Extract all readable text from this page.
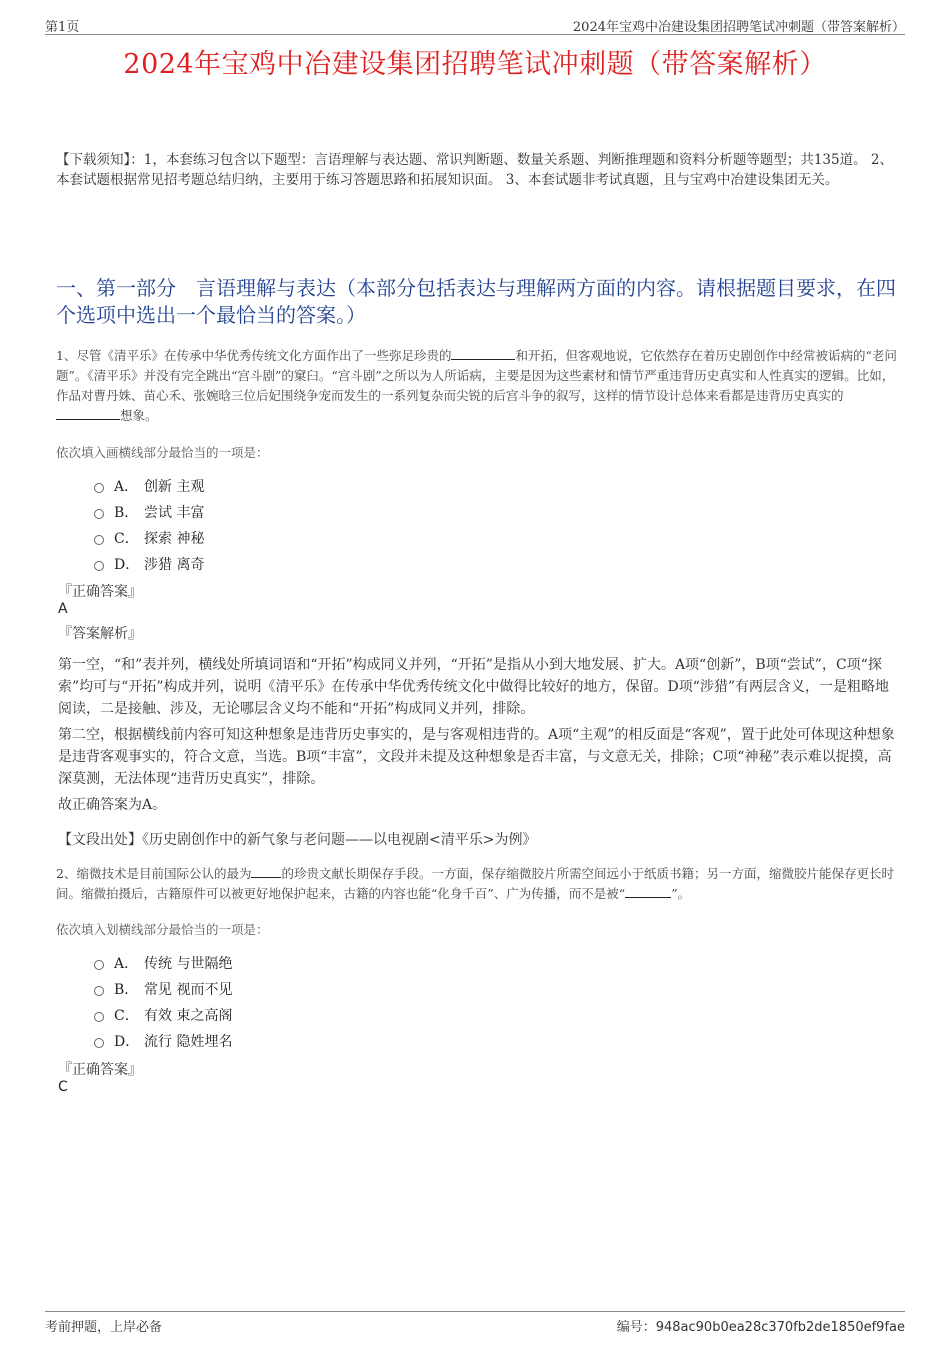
第1页	2024年宝鸡中冶建设集团招聘笔试冲刺题（带答案解析）
2024年宝鸡中冶建设集团招聘笔试冲刺题（带答案解析）
【下载须知】：1，本套练习包含以下题型：言语理解与表达题、常识判断题、数量关系题、判断推理题和资料分析题等题型；共135道。 2、本套试题根据常见招考题总结归纳，主要用于练习答题思路和拓展知识面。 3、本套试题非考试真题，且与宝鸡中冶建设集团无关。
一、第一部分　言语理解与表达（本部分包括表达与理解两方面的内容。请根据题目要求，在四个选项中选出一个最恰当的答案。）
1、尽管《清平乐》在传承中华优秀传统文化方面作出了一些弥足珍贵的	和开拓，但客观地说，它依然存在着历史剧创作中经常被诟病的“老问题”。《清平乐》并没有完全跳出“宫斗剧”的窠臼。“宫斗剧”之所以为人所诟病，主要是因为这些素材和情节严重违背历史真实和人性真实的逻辑。比如，作品对曹丹姝、苗心禾、张婉晗三位后妃围绕争宠而发生的一系列复杂而尖锐的后宫斗争的叙写，这样的情节设计总体来看都是违背历史真实的想象。
依次填入画横线部分最恰当的一项是：
A． 创新 主观
B． 尝试 丰富
C． 探索 神秘
D． 涉猎 离奇
『正确答案』
A
『答案解析』
第一空，“和”表并列，横线处所填词语和“开拓”构成同义并列，“开拓”是指从小到大地发展、扩大。A项“创新”，B项“尝试”，C项“探索”均可与“开拓”构成并列，说明《清平乐》在传承中华优秀传统文化中做得比较好的地方，保留。D项“涉猎”有两层含义，一是粗略地阅读，二是接触、涉及，无论哪层含义均不能和“开拓”构成同义并列，排除。
第二空，根据横线前内容可知这种想象是违背历史事实的，是与客观相违背的。A项“主观”的相反面是“客观”，置于此处可体现这种想象是违背客观事实的，符合文意，当选。B项“丰富”，文段并未提及这种想象是否丰富，与文意无关，排除；C项“神秘”表示难以捉摸，高深莫测，无法体现“违背历史真实”，排除。
故正确答案为A。
【文段出处】《历史剧创作中的新气象与老问题——以电视剧<清平乐>为例》
2、缩微技术是目前国际公认的最为 的珍贵文献长期保存手段。一方面，保存缩微胶片所需空间远小于纸质书籍；另一方面，缩微胶片能保存更长时间。缩微拍摄后，古籍原件可以被更好地保护起来，古籍的内容也能“化身千百”、广为传播，而不是被“	”。
依次填入划横线部分最恰当的一项是：
A． 传统 与世隔绝
B． 常见 视而不见
C． 有效 束之高阁
D． 流行 隐姓埋名
『正确答案』
C
考前押题，上岸必备	编号：948ac90b0ea28c370fb2de1850ef9fae
